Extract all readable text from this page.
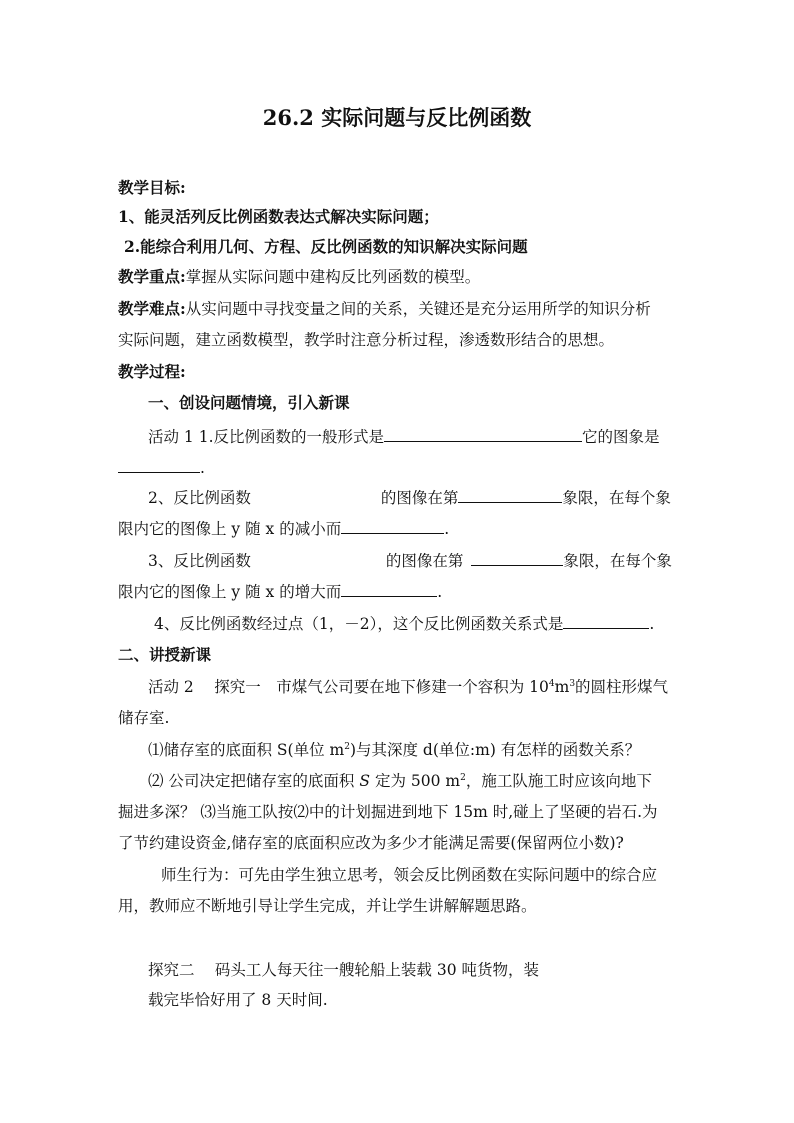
26.2 实际问题与反比例函数
教学目标:
1、能灵活列反比例函数表达式解决实际问题；
2.能综合利用几何、方程、反比例函数的知识解决实际问题
教学重点:掌握从实际问题中建构反比列函数的模型。
教学难点:从实问题中寻找变量之间的关系，关键还是充分运用所学的知识分析
实际问题，建立函数模型，教学时注意分析过程，渗透数形结合的思想。
教学过程:
一、创设问题情境，引入新课
活动 1 1.反比例函数的一般形式是	它的图象是
.
2、反比例函数	的图像在第	象限，在每个象
限内它的图像上 y 随 x 的减小而	.
3、反比例函数	的图像在第	象限，在每个象
限内它的图像上 y 随 x 的增大而	.
4、反比例函数经过点（1，－2），这个反比例函数关系式是	.
二、讲授新课
活动 2　 探究一　市煤气公司要在地下修建一个容积为 $10^4m^3$的圆柱形煤气
储存室.
⑴储存室的底面积 S(单位 $m^2$)与其深度 d(单位:m) 有怎样的函数关系？
⑵ 公司决定把储存室的底面积 S 定为 500 $m^2$，施工队施工时应该向地下
掘进多深？ ⑶当施工队按⑵中的计划掘进到地下 15m 时,碰上了坚硬的岩石.为
了节约建设资金,储存室的底面积应改为多少才能满足需要(保留两位小数)?
师生行为：可先由学生独立思考，领会反比例函数在实际问题中的综合应
用，教师应不断地引导让学生完成，并让学生讲解解题思路。
探究二　 码头工人每天往一艘轮船上装载 30 吨货物，装
载完毕恰好用了 8 天时间.
